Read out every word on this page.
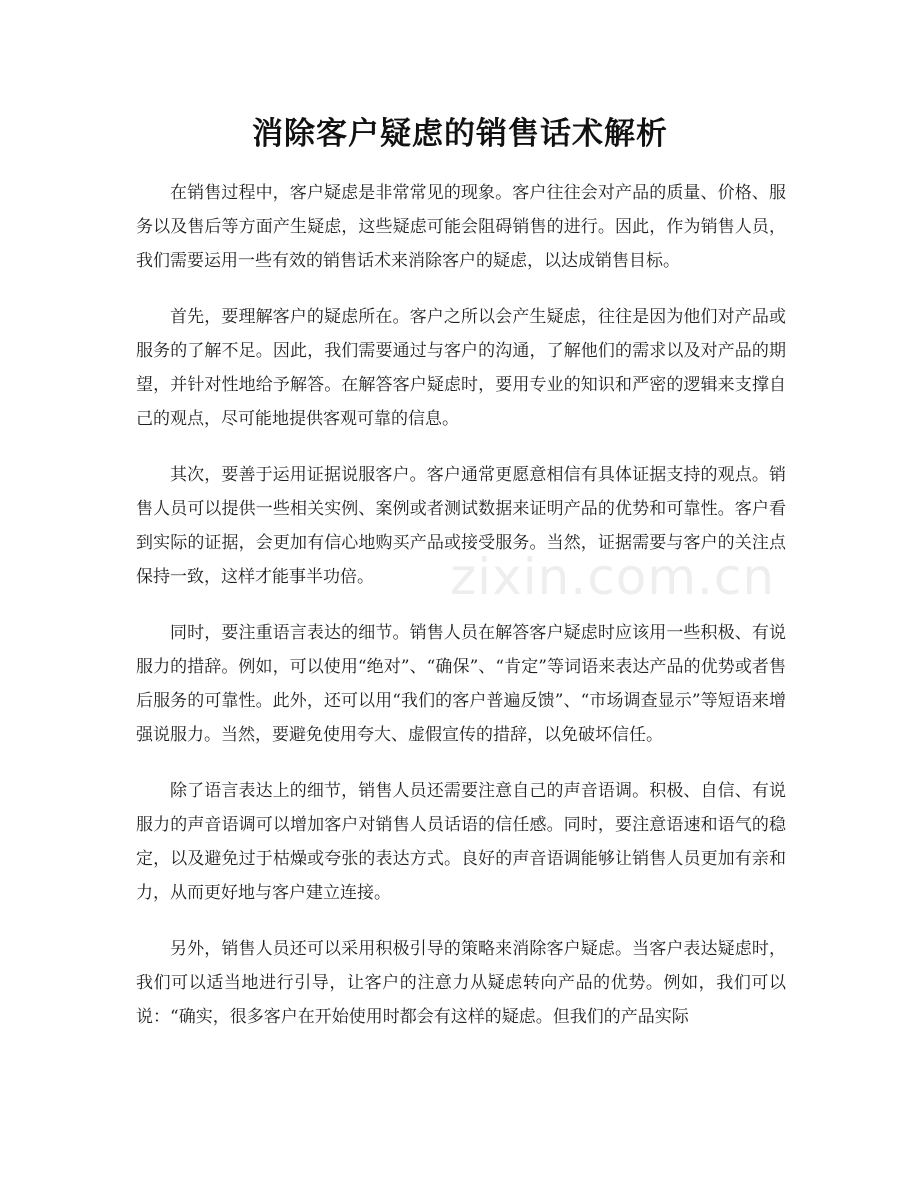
消除客户疑虑的销售话术解析

在销售过程中，客户疑虑是非常常见的现象。客户往往会对产品的质量、价格、服务以及售后等方面产生疑虑，这些疑虑可能会阻碍销售的进行。因此，作为销售人员，我们需要运用一些有效的销售话术来消除客户的疑虑，以达成销售目标。

首先，要理解客户的疑虑所在。客户之所以会产生疑虑，往往是因为他们对产品或服务的了解不足。因此，我们需要通过与客户的沟通，了解他们的需求以及对产品的期望，并针对性地给予解答。在解答客户疑虑时，要用专业的知识和严密的逻辑来支撑自己的观点，尽可能地提供客观可靠的信息。

其次，要善于运用证据说服客户。客户通常更愿意相信有具体证据支持的观点。销售人员可以提供一些相关实例、案例或者测试数据来证明产品的优势和可靠性。客户看到实际的证据，会更加有信心地购买产品或接受服务。当然，证据需要与客户的关注点保持一致，这样才能事半功倍。

同时，要注重语言表达的细节。销售人员在解答客户疑虑时应该用一些积极、有说服力的措辞。例如，可以使用“绝对”、“确保”、“肯定”等词语来表达产品的优势或者售后服务的可靠性。此外，还可以用“我们的客户普遍反馈”、“市场调查显示”等短语来增强说服力。当然，要避免使用夸大、虚假宣传的措辞，以免破坏信任。

除了语言表达上的细节，销售人员还需要注意自己的声音语调。积极、自信、有说服力的声音语调可以增加客户对销售人员话语的信任感。同时，要注意语速和语气的稳定，以及避免过于枯燥或夸张的表达方式。良好的声音语调能够让销售人员更加有亲和力，从而更好地与客户建立连接。

另外，销售人员还可以采用积极引导的策略来消除客户疑虑。当客户表达疑虑时，我们可以适当地进行引导，让客户的注意力从疑虑转向产品的优势。例如，我们可以说：“确实，很多客户在开始使用时都会有这样的疑虑。但我们的产品实际

zixin.com.cn
